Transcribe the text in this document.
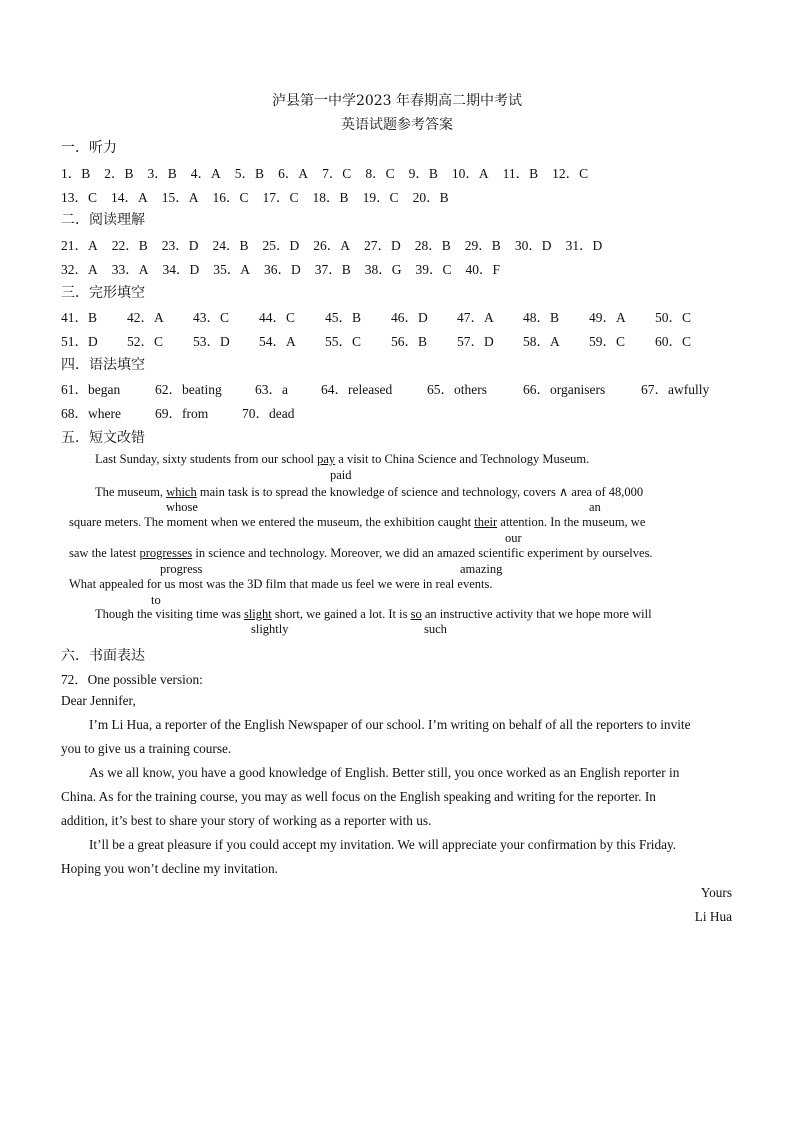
泸县第一中学2023 年春期高二期中考试
英语试题参考答案
一．听力
1．B 2．B 3．B 4．A 5．B 6．A 7．C 8．C 9．B 10．A 11．B 12．C
13．C 14．A 15．A 16．C 17．C 18．B 19．C 20．B
二．阅读理解
21．A 22．B 23．D 24．B 25．D 26．A 27．D 28．B 29．B 30．D 31．D
32．A 33．A 34．D 35．A 36．D 37．B 38．G 39．C 40．F
三．完形填空
41．B 42．A 43．C 44．C 45．B 46．D 47．A 48．B 49．A 50．C
51．D 52．C 53．D 54．A 55．C 56．B 57．D 58．A 59．C 60．C
四．语法填空
61．began	62．beating 63．a 64．released	65．others	66．organisers	67．awfully
68．where	69．from	70．dead
五．短文改错
Last Sunday, sixty students from our school pay a visit to China Science and Technology Museum.
paid
The museum, which main task is to spread the knowledge of science and technology, covers ∧ area of 48,000
whose	an
square meters. The moment when we entered the museum, the exhibition caught their attention. In the museum, we
our
saw the latest progresses in science and technology. Moreover, we did an amazed scientific experiment by ourselves.
progress	amazing
What appealed for us most was the 3D film that made us feel we were in real events.
to
Though the visiting time was slight short, we gained a lot. It is so an instructive activity that we hope more will
slightly	such
六．书面表达
72．One possible version:
Dear Jennifer,
I’m Li Hua, a reporter of the English Newspaper of our school. I’m writing on behalf of all the reporters to invite
you to give us a training course.
As we all know, you have a good knowledge of English. Better still, you once worked as an English reporter in
China. As for the training course, you may as well focus on the English speaking and writing for the reporter. In
addition, it’s best to share your story of working as a reporter with us.
It’ll be a great pleasure if you could accept my invitation. We will appreciate your confirmation by this Friday.
Hoping you won’t decline my invitation.
Yours
Li Hua
